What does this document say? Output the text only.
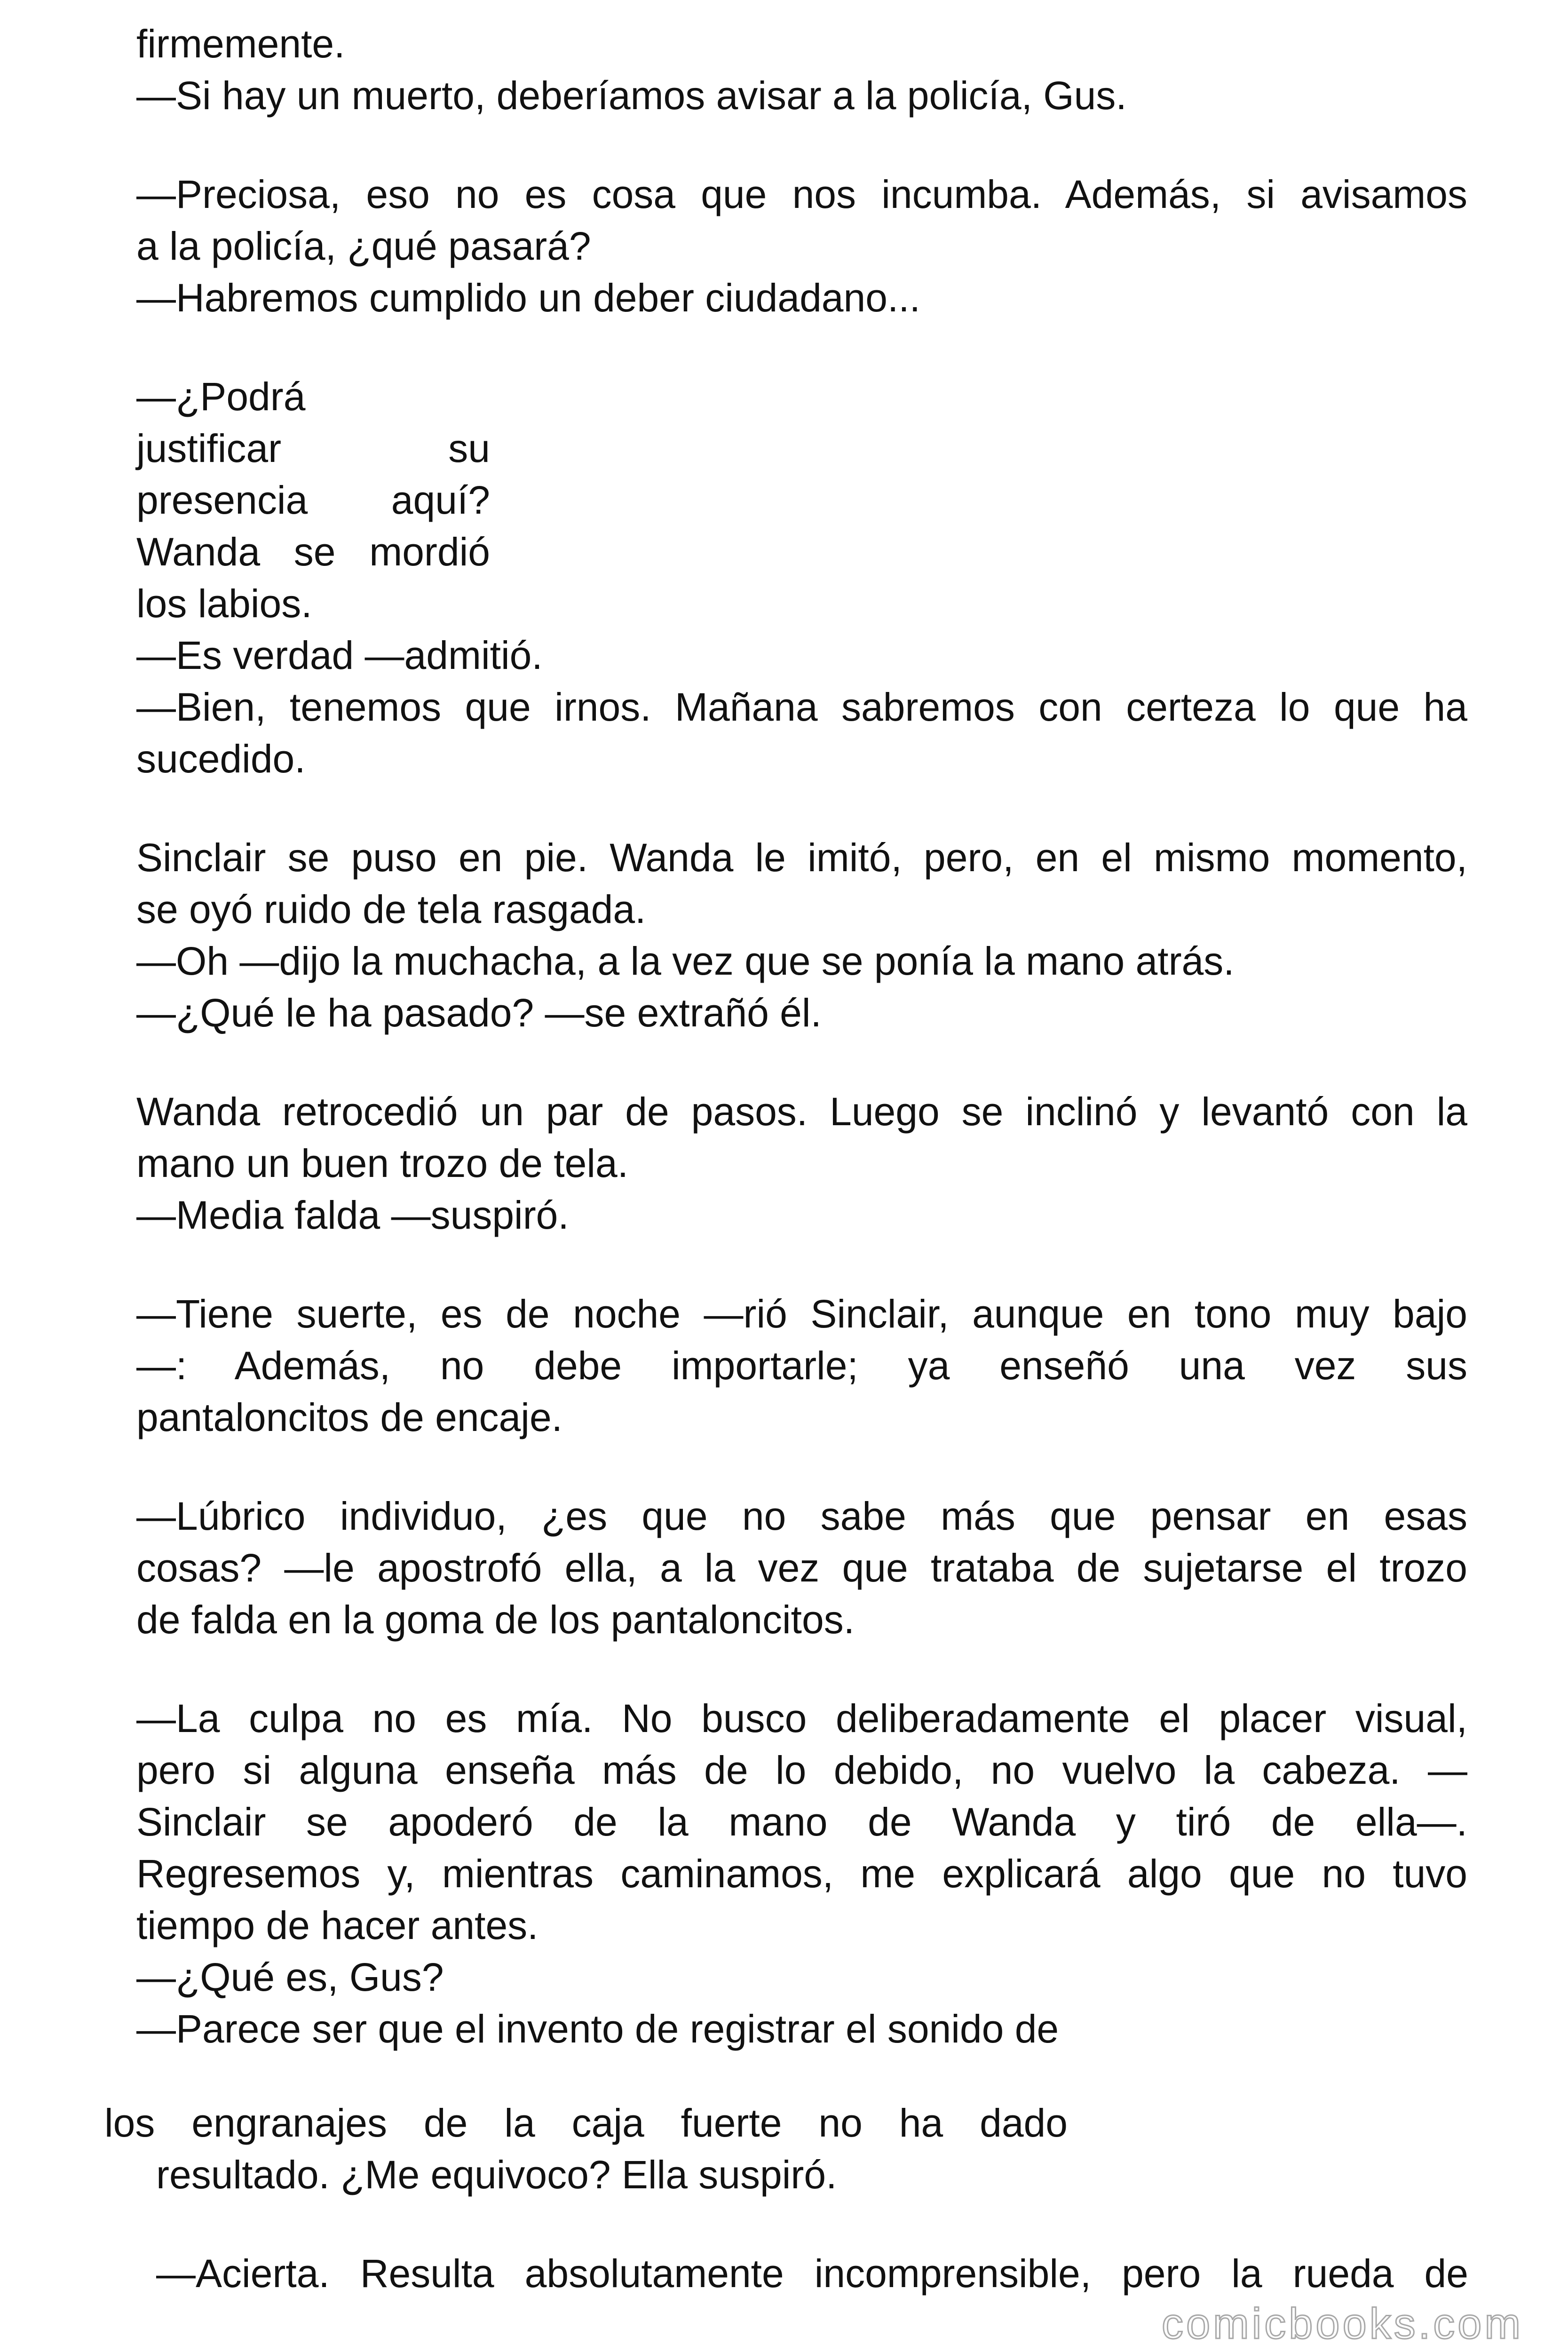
firmemente.

—Si hay un muerto, deberíamos avisar a la policía, Gus.

—Preciosa, eso no es cosa que nos incumba. Además, si avisamos

a la policía, ¿qué pasará?

—Habremos cumplido un deber ciudadano...

—¿Podrá

justificar su

presencia aquí?

Wanda se mordió

los labios.

—Es verdad —admitió.

—Bien, tenemos que irnos. Mañana sabremos con certeza lo que ha

sucedido.

Sinclair se puso en pie. Wanda le imitó, pero, en el mismo momento,

se oyó ruido de tela rasgada.

—Oh —dijo la muchacha, a la vez que se ponía la mano atrás.

—¿Qué le ha pasado? —se extrañó él.

Wanda retrocedió un par de pasos. Luego se inclinó y levantó con la

mano un buen trozo de tela.

—Media falda —suspiró.

—Tiene suerte, es de noche —rió Sinclair, aunque en tono muy bajo

—: Además, no debe importarle; ya enseñó una vez sus

pantaloncitos de encaje.

—Lúbrico individuo, ¿es que no sabe más que pensar en esas

cosas? —le apostrofó ella, a la vez que trataba de sujetarse el trozo

de falda en la goma de los pantaloncitos.

—La culpa no es mía. No busco deliberadamente el placer visual,

pero si alguna enseña más de lo debido, no vuelvo la cabeza. —

Sinclair se apoderó de la mano de Wanda y tiró de ella—.

Regresemos y, mientras caminamos, me explicará algo que no tuvo

tiempo de hacer antes.

—¿Qué es, Gus?

—Parece ser que el invento de registrar el sonido de

los engranajes de la caja fuerte no ha dado

resultado. ¿Me equivoco? Ella suspiró.

—Acierta. Resulta absolutamente incomprensible, pero la rueda de

comicbooks.com
